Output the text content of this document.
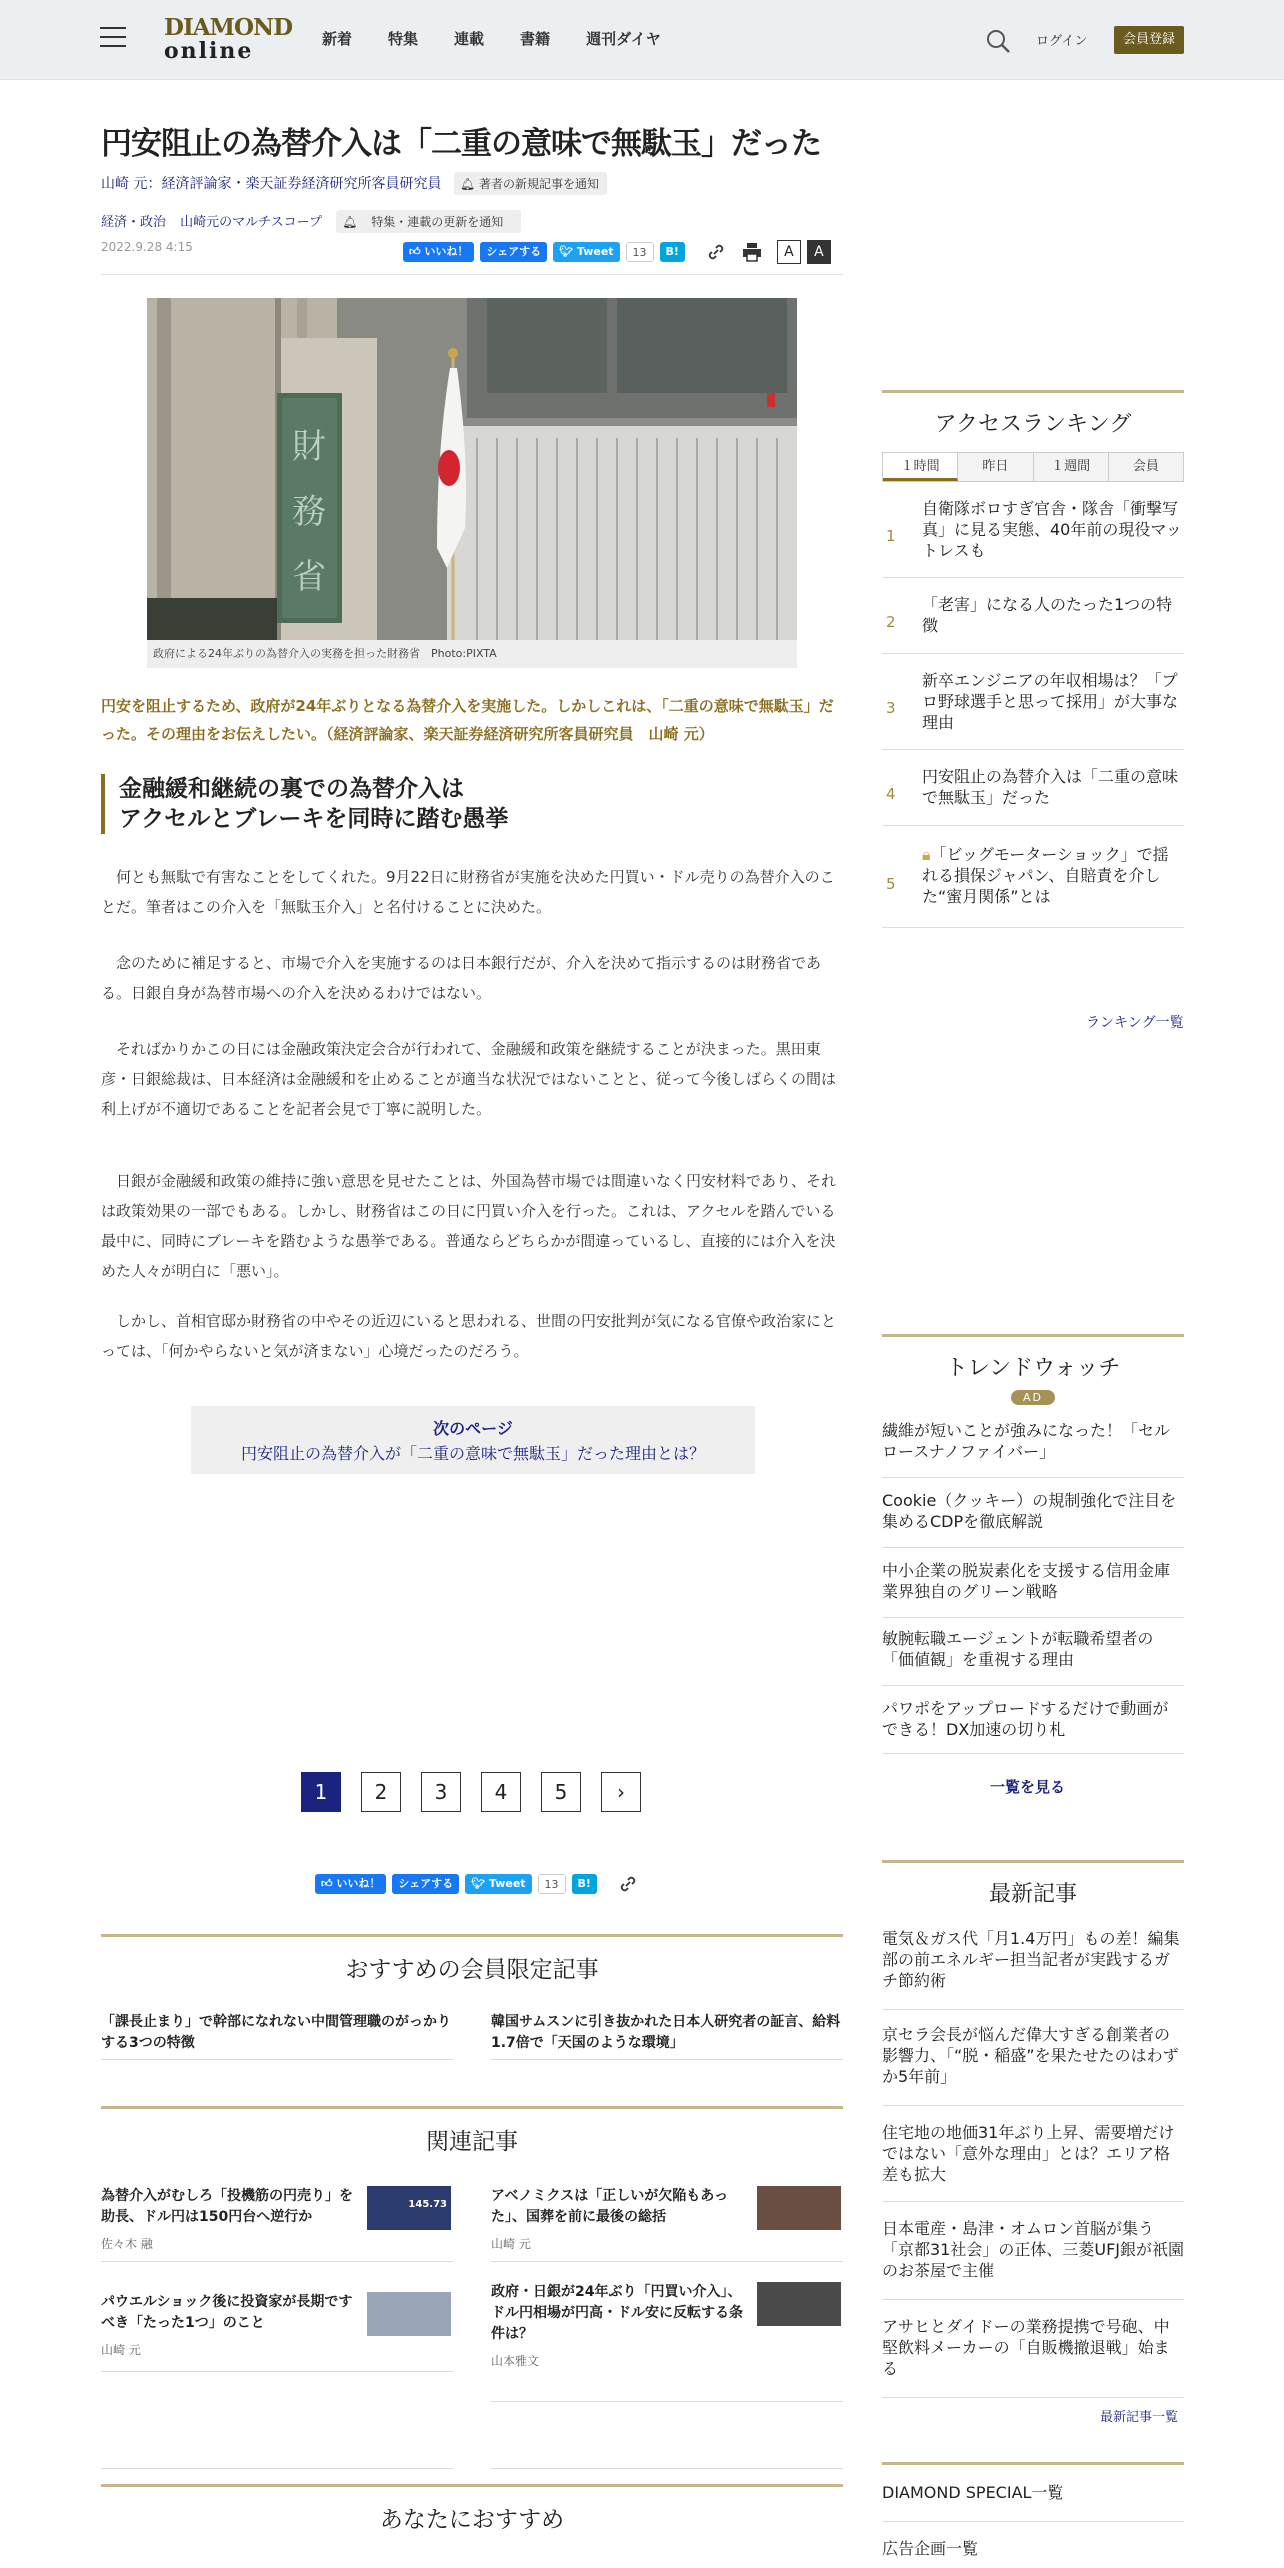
DIAMOND
online	新着 特集 連載 書籍 週刊ダイヤ	ログイン	会員登録
円安阻止の為替介入は「二重の意味で無駄玉」だった
山崎 元：経済評論家・楽天証券経済研究所客員研究員 🔔︎ 著者の新規記事を通知
経済・政治 山崎元のマルチスコープ 🔔︎ 特集・連載の更新を通知
2022.9.28 4:15	👍︎ いいね！	シェアする	🐦︎ Tweet	13	B!	A	A
財
務
省
政府による24年ぶりの為替介入の実務を担った財務省　Photo:PIXTA

円安を阻止するため、政府が24年ぶりとなる為替介入を実施した。しかしこれは、「二重の意味で無駄玉」だった。その理由をお伝えしたい。（経済評論家、楽天証券経済研究所客員研究員　山崎 元）

金融緩和継続の裏での為替介入は
アクセルとブレーキを同時に踏む愚挙

何とも無駄で有害なことをしてくれた。9月22日に財務省が実施を決めた円買い・ドル売りの為替介入のことだ。筆者はこの介入を「無駄玉介入」と名付けることに決めた。

念のために補足すると、市場で介入を実施するのは日本銀行だが、介入を決めて指示するのは財務省である。日銀自身が為替市場への介入を決めるわけではない。

そればかりかこの日には金融政策決定会合が行われて、金融緩和政策を継続することが決まった。黒田東彦・日銀総裁は、日本経済は金融緩和を止めることが適当な状況ではないことと、従って今後しばらくの間は利上げが不適切であることを記者会見で丁寧に説明した。

日銀が金融緩和政策の維持に強い意思を見せたことは、外国為替市場では間違いなく円安材料であり、それは政策効果の一部でもある。しかし、財務省はこの日に円買い介入を行った。これは、アクセルを踏んでいる最中に、同時にブレーキを踏むような愚挙である。普通ならどちらかが間違っているし、直接的には介入を決めた人々が明白に「悪い」。

しかし、首相官邸か財務省の中やその近辺にいると思われる、世間の円安批判が気になる官僚や政治家にとっては、「何かやらないと気が済まない」心境だったのだろう。

次のページ
円安阻止の為替介入が「二重の意味で無駄玉」だった理由とは？
1	2	3	4	5	›
👍︎ いいね！	シェアする	🐦︎ Tweet	13	B!
おすすめの会員限定記事
「課長止まり」で幹部になれない中間管理職のがっかりする3つの特徴
韓国サムスンに引き抜かれた日本人研究者の証言、給料1.7倍で「天国のような環境」
関連記事
為替介入がむしろ「投機筋の円売り」を助長、ドル円は150円台へ逆行か
佐々木 融
145.73
アベノミクスは「正しいが欠陥もあった」、国葬を前に最後の総括
山崎 元
パウエルショック後に投資家が長期ですべき「たった1つ」のこと
山崎 元
政府・日銀が24年ぶり「円買い介入」、ドル円相場が円高・ドル安に反転する条件は？
山本雅文
あなたにおすすめ
アクセスランキング
１時間	昨日	１週間	会員
1
自衛隊ボロすぎ官舎・隊舎「衝撃写真」に見る実態、40年前の現役マットレスも
2
「老害」になる人のたった1つの特徴
3
新卒エンジニアの年収相場は？「プロ野球選手と思って採用」が大事な理由
4
円安阻止の為替介入は「二重の意味で無駄玉」だった
5
🔒︎「ビッグモーターショック」で揺れる損保ジャパン、自賠責を介した“蜜月関係”とは
ランキング一覧
トレンドウォッチ
AD
繊維が短いことが強みになった！「セルロースナノファイバー」
Cookie（クッキー）の規制強化で注目を集めるCDPを徹底解説
中小企業の脱炭素化を支援する信用金庫業界独自のグリーン戦略
敏腕転職エージェントが転職希望者の「価値観」を重視する理由
パワポをアップロードするだけで動画ができる！DX加速の切り札
一覧を見る
最新記事
電気＆ガス代「月1.4万円」もの差！編集部の前エネルギー担当記者が実践するガチ節約術
京セラ会長が悩んだ偉大すぎる創業者の影響力、「“脱・稲盛”を果たせたのはわずか5年前」
住宅地の地価31年ぶり上昇、需要増だけではない「意外な理由」とは？エリア格差も拡大
日本電産・島津・オムロン首脳が集う「京都31社会」の正体、三菱UFJ銀が祇園のお茶屋で主催
アサヒとダイドーの業務提携で号砲、中堅飲料メーカーの「自販機撤退戦」始まる
最新記事一覧
DIAMOND SPECIAL一覧
広告企画一覧
